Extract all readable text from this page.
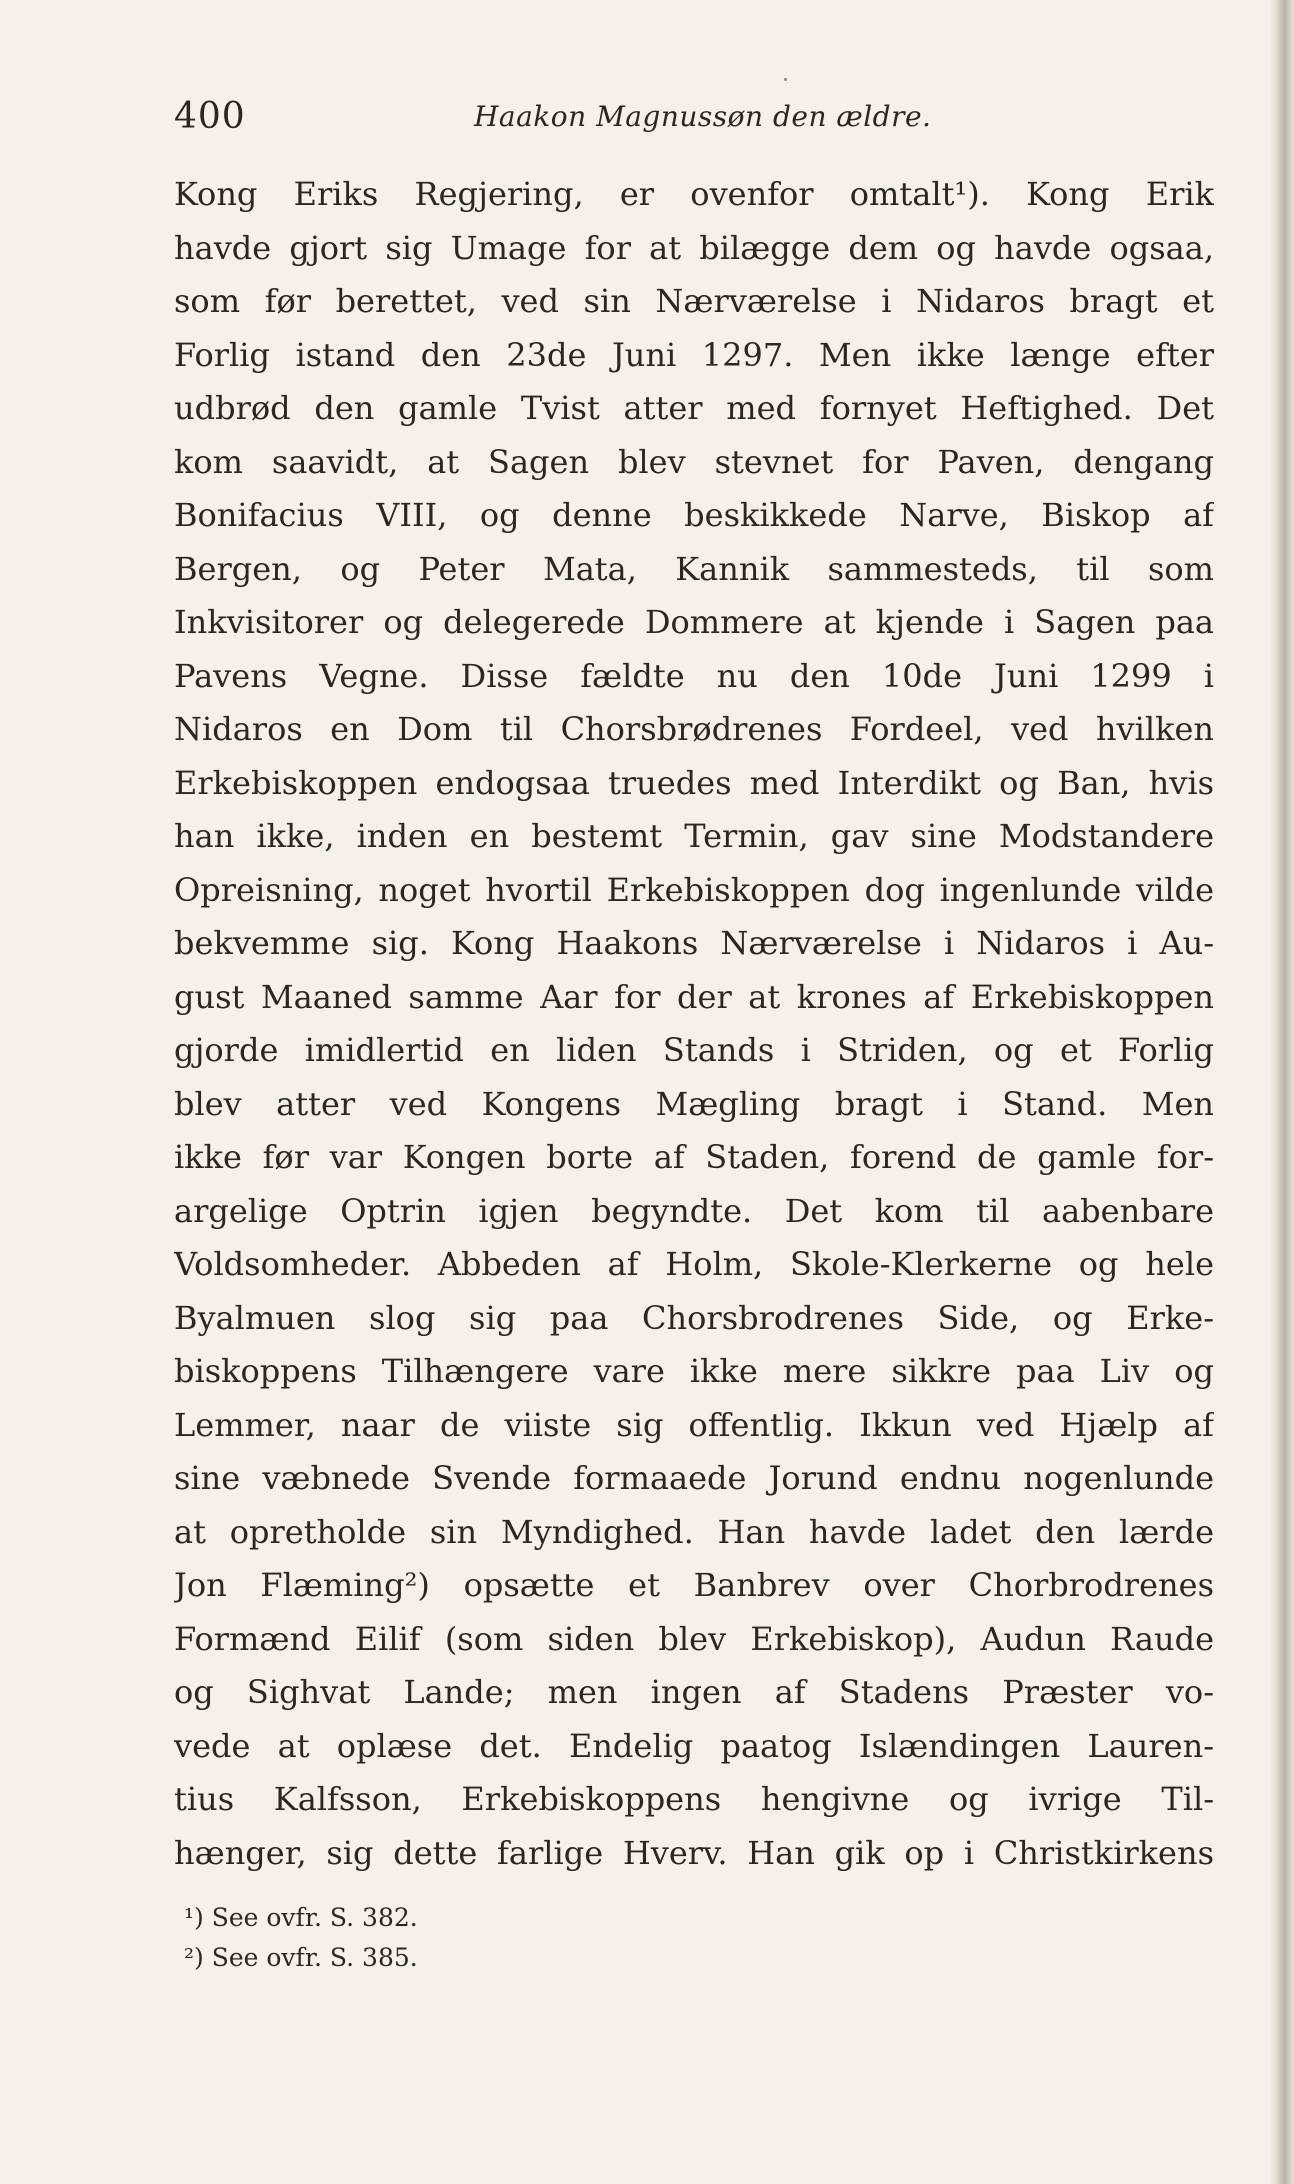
400	Haakon Magnussøn den ældre.
Kong Eriks Regjering, er ovenfor omtalt¹). Kong Erik
havde gjort sig Umage for at bilægge dem og havde ogsaa,
som før berettet, ved sin Nærværelse i Nidaros bragt et
Forlig istand den 23de Juni 1297. Men ikke længe efter
udbrød den gamle Tvist atter med fornyet Heftighed. Det
kom saavidt, at Sagen blev stevnet for Paven, dengang
Bonifacius VIII, og denne beskikkede Narve, Biskop af
Bergen, og Peter Mata, Kannik sammesteds, til som
Inkvisitorer og delegerede Dommere at kjende i Sagen paa
Pavens Vegne. Disse fældte nu den 10de Juni 1299 i
Nidaros en Dom til Chorsbrødrenes Fordeel, ved hvilken
Erkebiskoppen endogsaa truedes med Interdikt og Ban, hvis
han ikke, inden en bestemt Termin, gav sine Modstandere
Opreisning, noget hvortil Erkebiskoppen dog ingenlunde vilde
bekvemme sig. Kong Haakons Nærværelse i Nidaros i Au-
gust Maaned samme Aar for der at krones af Erkebiskoppen
gjorde imidlertid en liden Stands i Striden, og et Forlig
blev atter ved Kongens Mægling bragt i Stand. Men
ikke før var Kongen borte af Staden, forend de gamle for-
argelige Optrin igjen begyndte. Det kom til aabenbare
Voldsomheder. Abbeden af Holm, Skole-Klerkerne og hele
Byalmuen slog sig paa Chorsbrodrenes Side, og Erke-
biskoppens Tilhængere vare ikke mere sikkre paa Liv og
Lemmer, naar de viiste sig offentlig. Ikkun ved Hjælp af
sine væbnede Svende formaaede Jorund endnu nogenlunde
at opretholde sin Myndighed. Han havde ladet den lærde
Jon Flæming²) opsætte et Banbrev over Chorbrodrenes
Formænd Eilif (som siden blev Erkebiskop), Audun Raude
og Sighvat Lande; men ingen af Stadens Præster vo-
vede at oplæse det. Endelig paatog Islændingen Lauren-
tius Kalfsson, Erkebiskoppens hengivne og ivrige Til-
hænger, sig dette farlige Hverv. Han gik op i Christkirkens
¹) See ovfr. S. 382.
²) See ovfr. S. 385.
